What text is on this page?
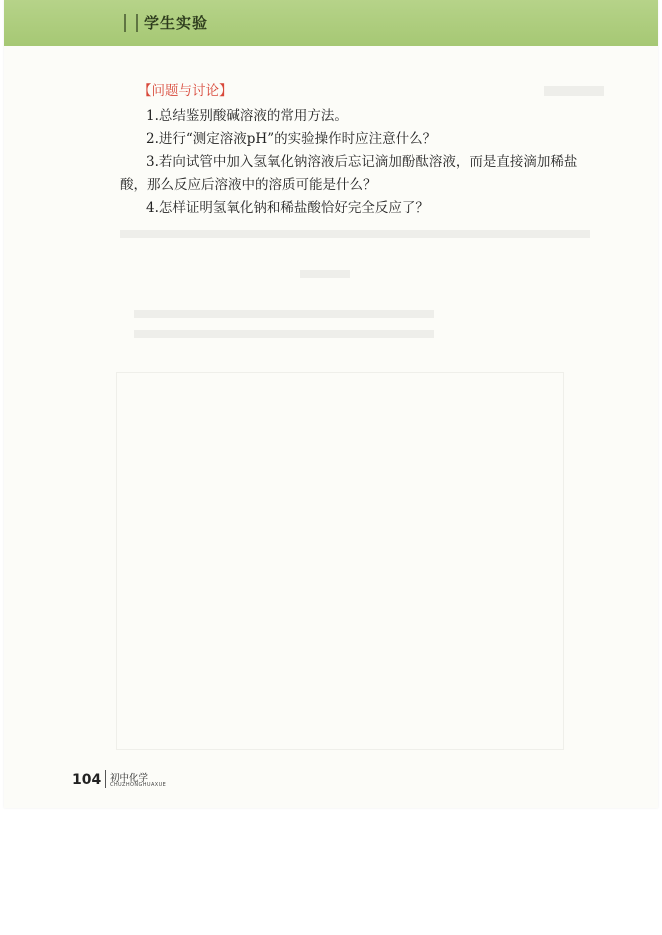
学生实验
【问题与讨论】

1.总结鉴别酸碱溶液的常用方法。

2.进行“测定溶液pH”的实验操作时应注意什么？

3.若向试管中加入氢氧化钠溶液后忘记滴加酚酞溶液，而是直接滴加稀盐酸，那么反应后溶液中的溶质可能是什么？

4.怎样证明氢氧化钠和稀盐酸恰好完全反应了？

104 初中化学
CHUZHONGHUAXUE
